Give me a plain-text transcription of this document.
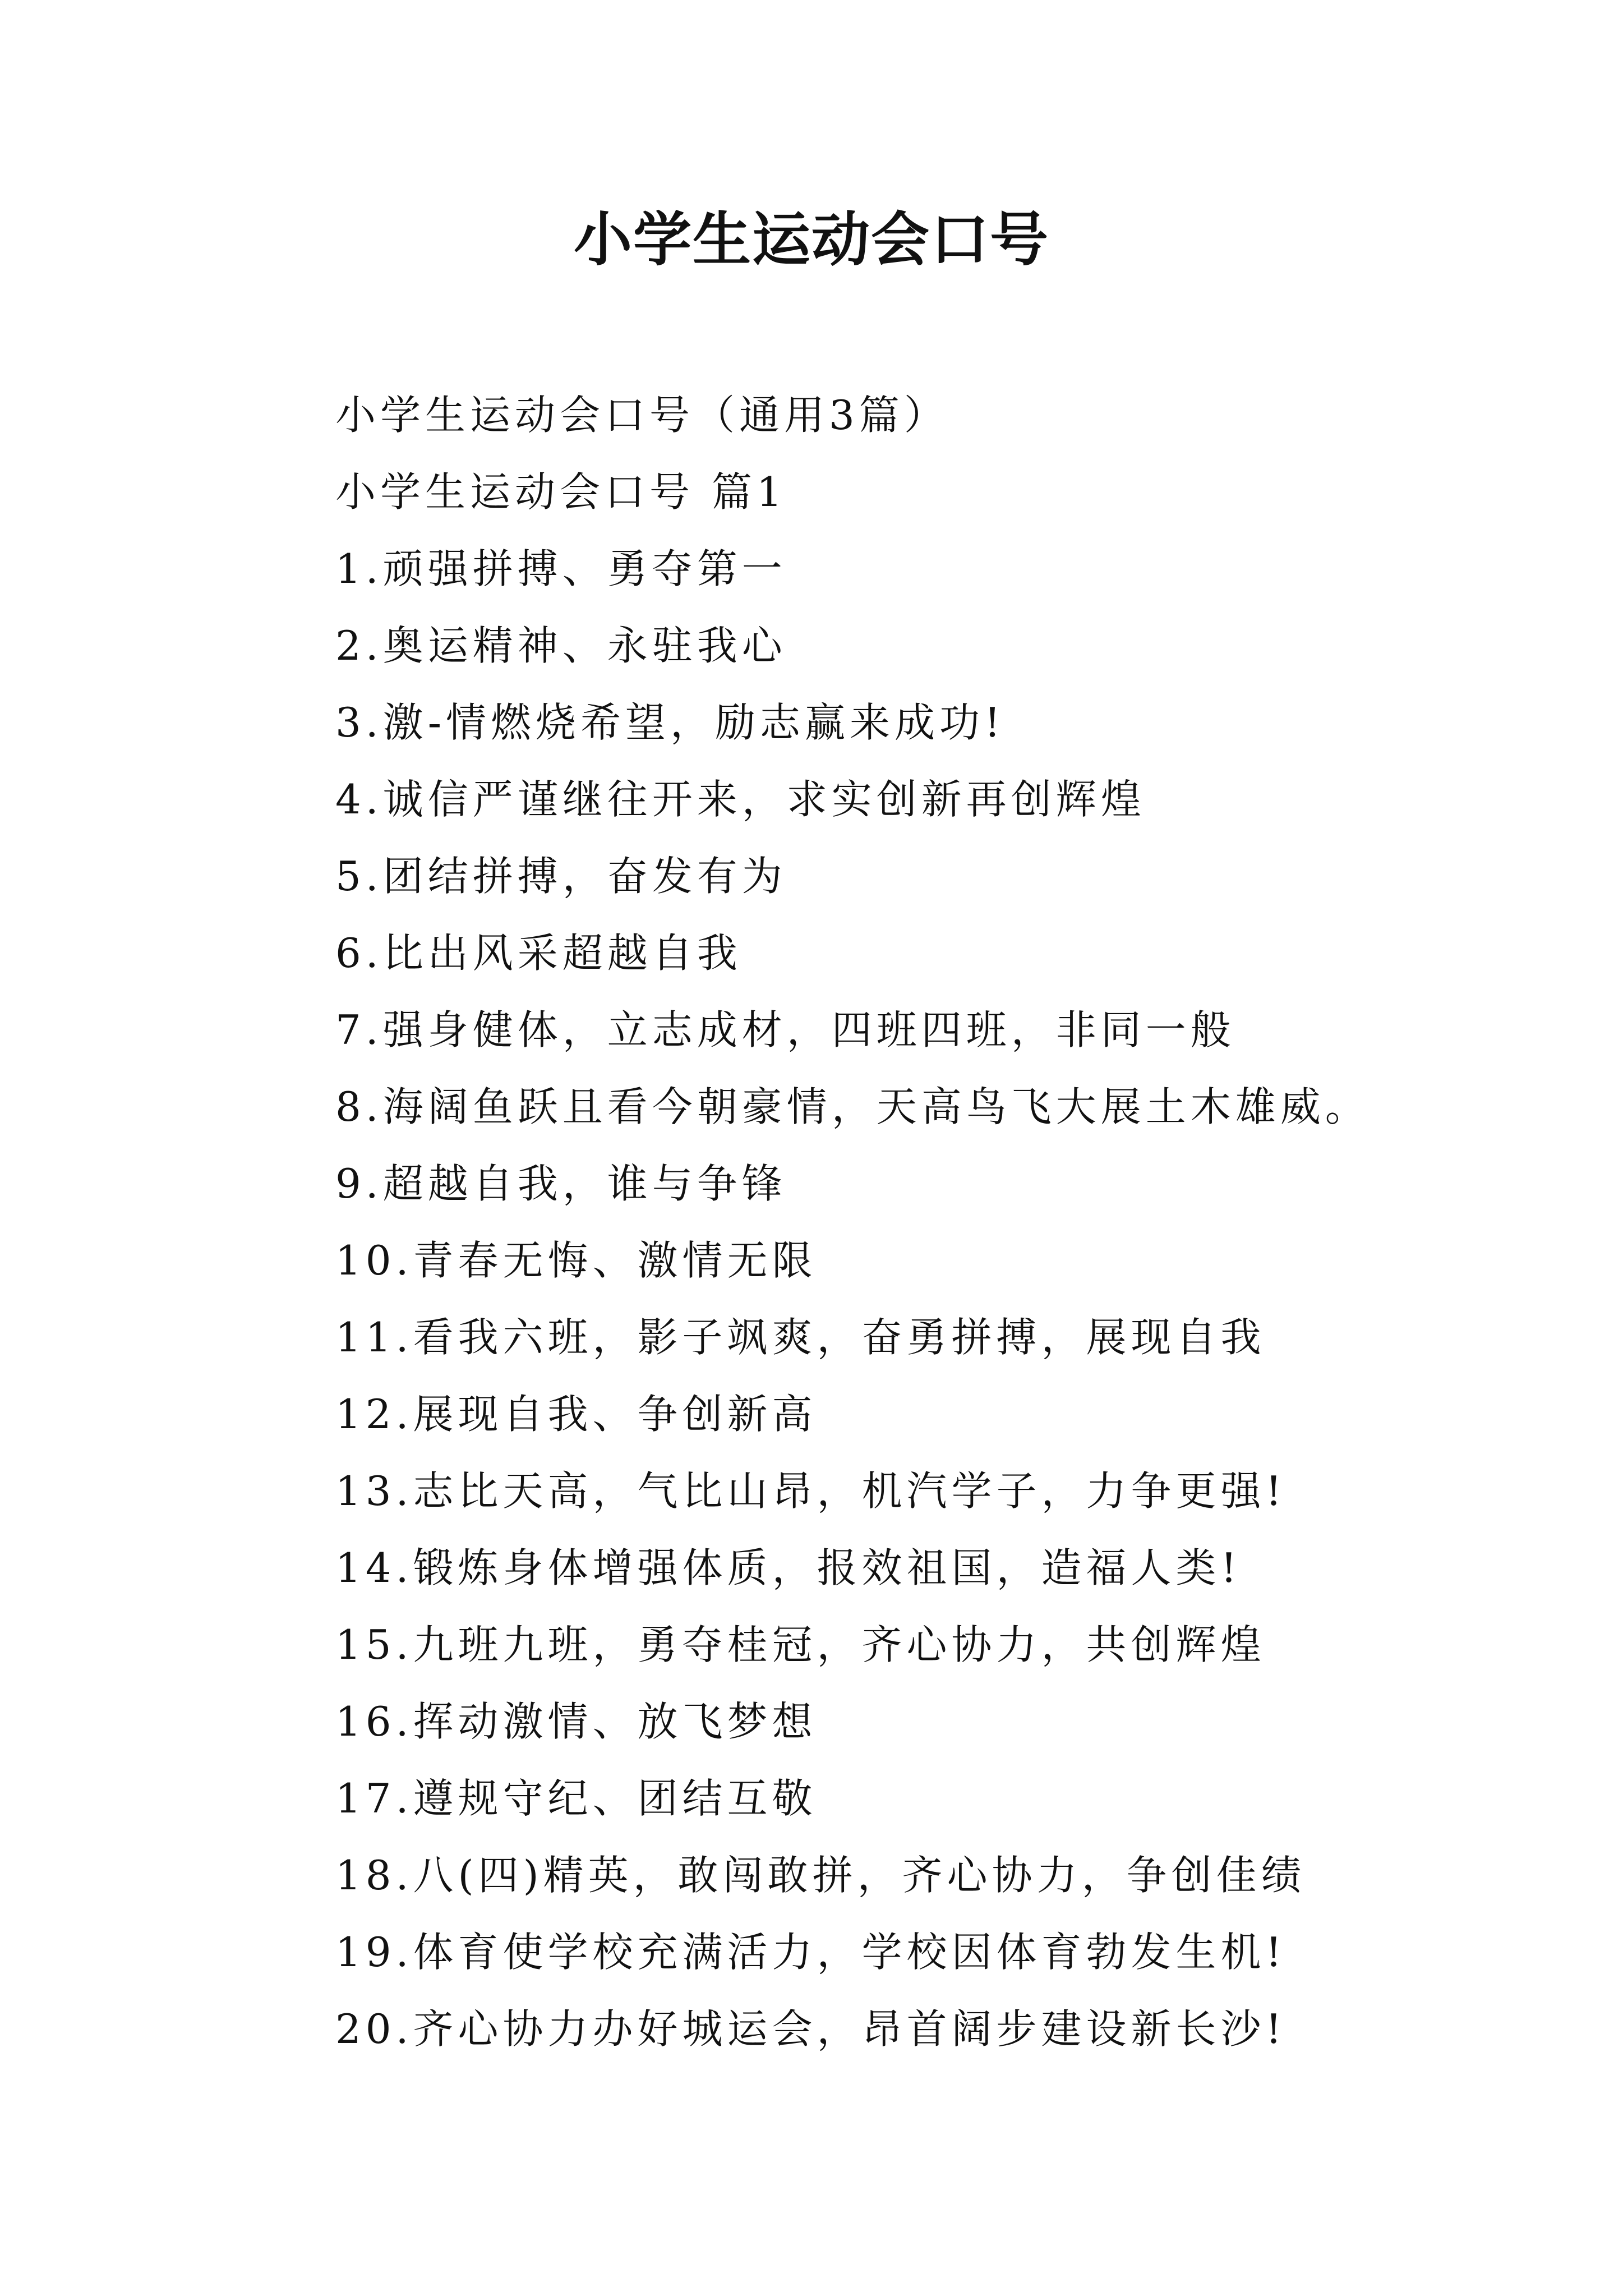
小学生运动会口号
小学生运动会口号（通用3篇）
小学生运动会口号 篇1
1.顽强拼搏、勇夺第一
2.奥运精神、永驻我心
3.激-情燃烧希望，励志赢来成功!
4.诚信严谨继往开来，求实创新再创辉煌
5.团结拼搏，奋发有为
6.比出风采超越自我
7.强身健体，立志成材，四班四班，非同一般
8.海阔鱼跃且看今朝豪情，天高鸟飞大展土木雄威。
9.超越自我，谁与争锋
10.青春无悔、激情无限
11.看我六班，影子飒爽，奋勇拼搏，展现自我
12.展现自我、争创新高
13.志比天高，气比山昂，机汽学子，力争更强!
14.锻炼身体增强体质，报效祖国，造福人类!
15.九班九班，勇夺桂冠，齐心协力，共创辉煌
16.挥动激情、放飞梦想
17.遵规守纪、团结互敬
18.八(四)精英，敢闯敢拼，齐心协力，争创佳绩
19.体育使学校充满活力，学校因体育勃发生机!
20.齐心协力办好城运会，昂首阔步建设新长沙!
